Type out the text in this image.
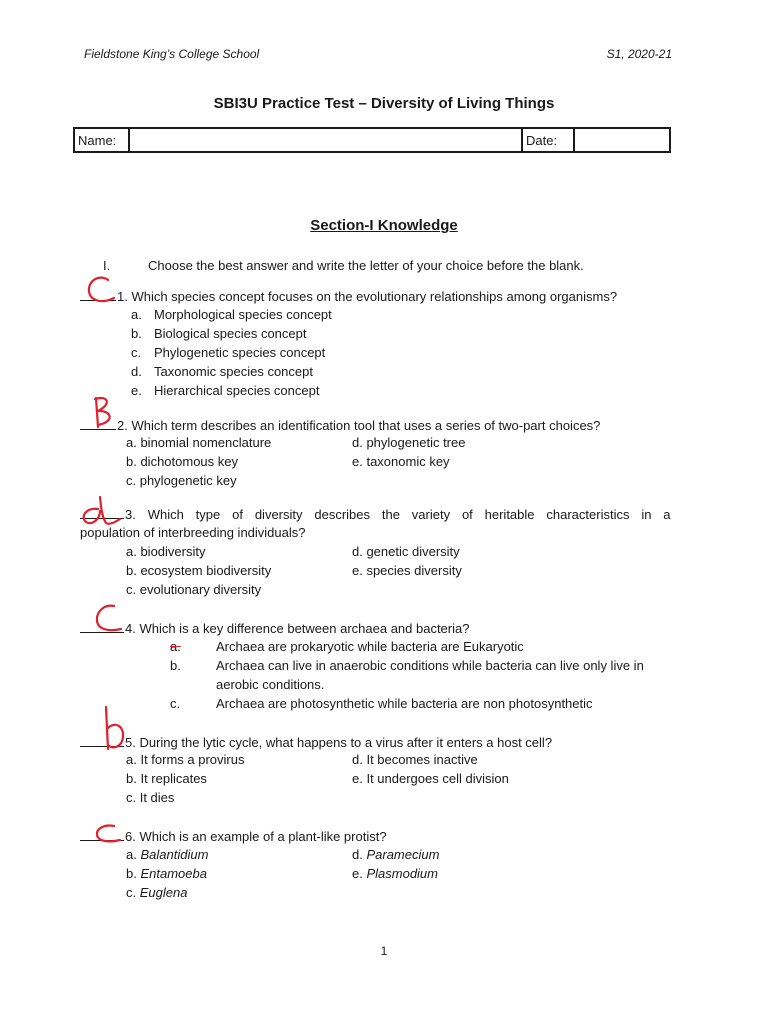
Fieldstone King’s College School	S1, 2020-21
SBI3U Practice Test – Diversity of Living Things
Name:		Date:	
Section-I Knowledge
I.	Choose the best answer and write the letter of your choice before the blank.
1. Which species concept focuses on the evolutionary relationships among organisms?
a. Morphological species concept
b. Biological species concept
c. Phylogenetic species concept
d. Taxonomic species concept
e. Hierarchical species concept
2. Which term describes an identification tool that uses a series of two-part choices?
a. binomial nomenclature	d. phylogenetic tree
b. dichotomous key	e. taxonomic key
c. phylogenetic key
3. Which type of diversity describes the variety of heritable characteristics in a
population of interbreeding individuals?
a. biodiversity	d. genetic diversity
b. ecosystem biodiversity	e. species diversity
c. evolutionary diversity
4. Which is a key difference between archaea and bacteria?
a.	Archaea are prokaryotic while bacteria are Eukaryotic
b.	Archaea can live in anaerobic conditions while bacteria can live only live in
aerobic conditions.
c.	Archaea are photosynthetic while bacteria are non photosynthetic
5. During the lytic cycle, what happens to a virus after it enters a host cell?
a. It forms a provirus	d. It becomes inactive
b. It replicates	e. It undergoes cell division
c. It dies
6. Which is an example of a plant-like protist?
a. Balantidium	d. Paramecium
b. Entamoeba	e. Plasmodium
c. Euglena
1
